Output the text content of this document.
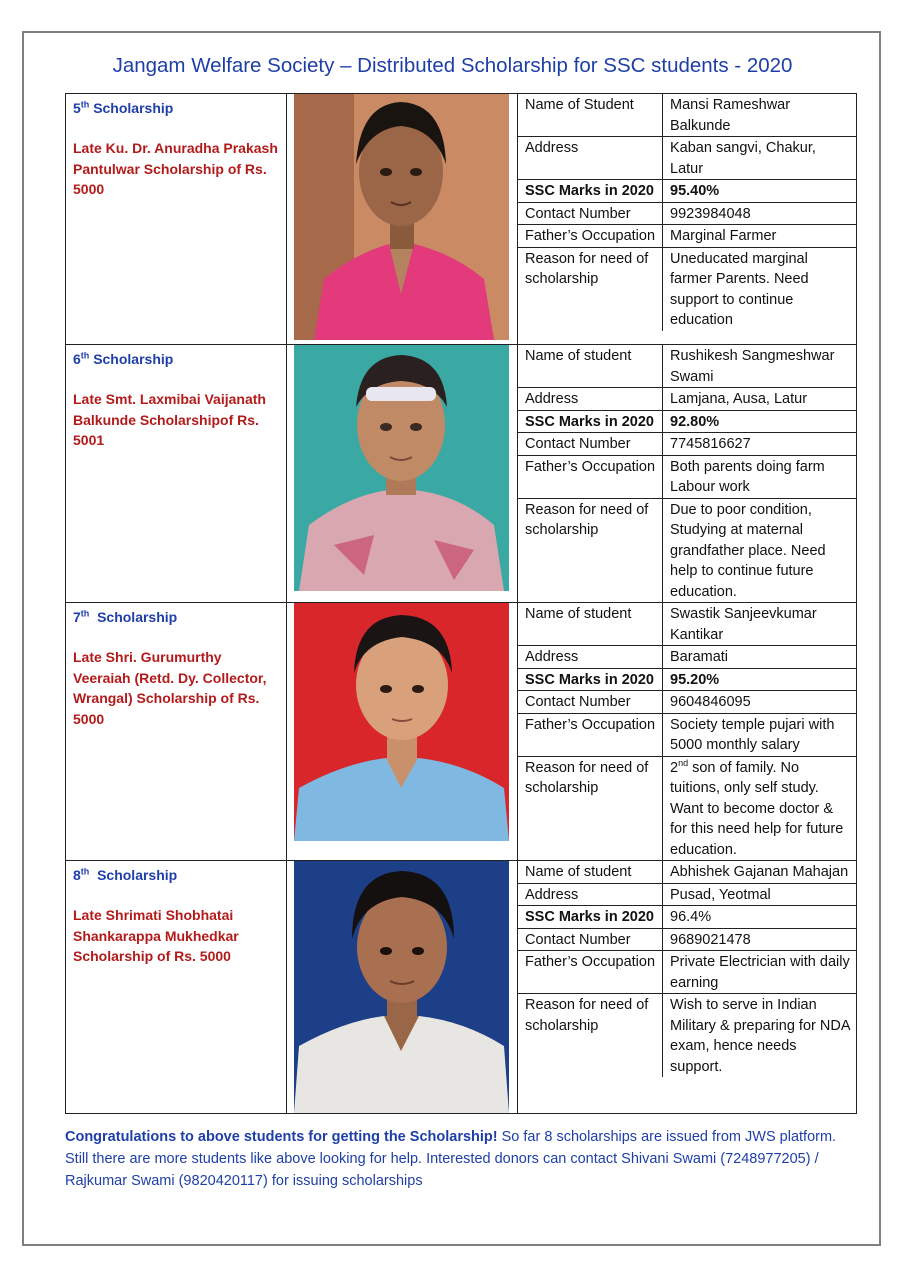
Jangam Welfare Society – Distributed Scholarship for SSC students - 2020
5th Scholarship
Late Ku. Dr. Anuradha Prakash Pantulwar Scholarship of Rs. 5000

Name of Student	Mansi Rameshwar Balkunde
Address	Kaban sangvi, Chakur, Latur
SSC Marks in 2020	95.40%
Contact Number	9923984048
Father’s Occupation	Marginal Farmer
Reason for need of scholarship	Uneducated marginal farmer Parents. Need support to continue education

6th Scholarship
Late Smt. Laxmibai Vaijanath Balkunde Scholarshipof Rs. 5001

Name of student	Rushikesh Sangmeshwar Swami
Address	Lamjana, Ausa, Latur
SSC Marks in 2020	92.80%
Contact Number	7745816627
Father’s Occupation	Both parents doing farm Labour work
Reason for need of scholarship	Due to poor condition, Studying at maternal grandfather place. Need help to continue future education.

7th Scholarship
Late Shri. Gurumurthy Veeraiah (Retd. Dy. Collector, Wrangal) Scholarship of Rs. 5000

Name of student	Swastik Sanjeevkumar Kantikar
Address	Baramati
SSC Marks in 2020	95.20%
Contact Number	9604846095
Father’s Occupation	Society temple pujari with 5000 monthly salary
Reason for need of scholarship	2nd son of family. No tuitions, only self study. Want to become doctor & for this need help for future education.

8th Scholarship
Late Shrimati Shobhatai Shankarappa Mukhedkar Scholarship of Rs. 5000

Name of student	Abhishek Gajanan Mahajan
Address	Pusad, Yeotmal
SSC Marks in 2020	96.4%
Contact Number	9689021478
Father’s Occupation	Private Electrician with daily earning
Reason for need of scholarship	Wish to serve in Indian Military & preparing for NDA exam, hence needs support.
Congratulations to above students for getting the Scholarship! So far 8 scholarships are issued from JWS platform. Still there are more students like above looking for help. Interested donors can contact Shivani Swami (7248977205) / Rajkumar Swami (9820420117) for issuing scholarships
